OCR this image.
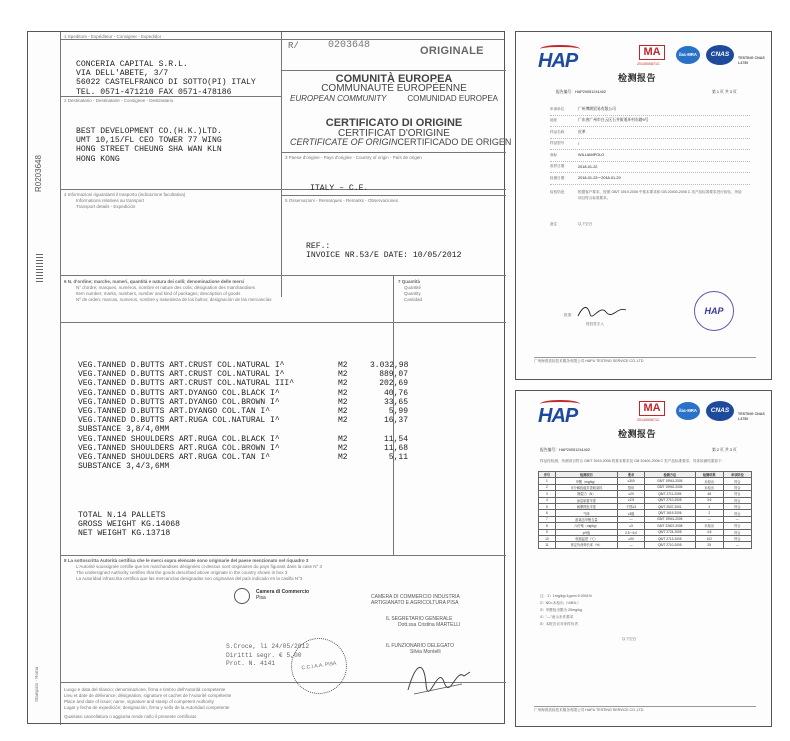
R0203648
Stampato - Roma
1 Speditore - Expéditeur - Consigner - Expedidor
CONCERIA CAPITAL S.R.L.
VIA DELL'ABETE, 3/7
56022 CASTELFRANCO DI SOTTO(PI) ITALY
TEL. 0571-471210 FAX 0571-478186
R/	0203648	ORIGINALE
COMUNITÀ EUROPEA
COMMUNAUTÉ EUROPÉENNE
EUROPEAN COMMUNITY	COMUNIDAD EUROPEA
CERTIFICATO DI ORIGINE
CERTIFICAT D'ORIGINE
CERTIFICATE OF ORIGIN CERTIFICADO DE ORIGEN
2 Destinatario - Destinataire - Consignee - Destinatario
BEST DEVELOPMENT CO.(H.K.)LTD.
UMT 10,15/FL CEO TOWER 77 WING
HONG STREET CHEUNG SHA WAN KLN
HONG KONG	3 Paese d'origine - Pays d'origine - Country of origin - País de origen
ITALY – C.E.
4 Informazioni riguardanti il trasporto (indicazione facoltativa)
Informations relatives au transport
Transport details - Expedición
5 Osservazioni - Remarques - Remarks - Observaciones
REF.:
INVOICE NR.53/E DATE: 10/05/2012
6 N. d'ordine; marche, numeri, quantità e natura dei colli; denominazione delle merci
N° d'ordre; marques, numéros, nombre et nature des colis; désignation des marchandises
Item number; marks, numbers, number and kind of packages; description of goods
Nº de orden; marcas, numeros, nombre y naturaleza de los bultos; designación de las mercancías
7 Quantità
Quantité
Quantity
Cantidad
VEG.TANNED D.BUTTS ART.CRUST COL.NATURAL I^	M2	3.032,98
VEG.TANNED D.BUTTS ART.CRUST COL.NATURAL I^	M2	889,07
VEG.TANNED D.BUTTS ART.CRUST COL.NATURAL III^	M2	202,69
VEG.TANNED D.BUTTS ART.DYANGO COL.BLACK I^	M2	40,76
VEG.TANNED D.BUTTS ART.DYANGO COL.BROWN I^	M2	33,65
VEG.TANNED D.BUTTS ART.DYANGO COL.TAN I^	M2	5,99
VEG.TANNED D.BUTTS ART.RUGA COL.NATURAL I^	M2	16,37
SUBSTANCE 3,8/4,0MM
VEG.TANNED SHOULDERS ART.RUGA COL.BLACK I^	M2	11,54
VEG.TANNED SHOULDERS ART.RUGA COL.BROWN I^	M2	11,68
VEG.TANNED SHOULDERS ART.RUGA COL.TAN I^	M2	5,11
SUBSTANCE 3,4/3,6MM
TOTAL N.14 PALLETS
GROSS WEIGHT KG.14068
NET WEIGHT KG.13718
8 La sottoscritta Autorità certifica che le merci sopra elencate sono originarie del paese menzionato nel riquadro 3
L'Autorité soussignée certifie que les marchandises désignées ci-dessus sont originaires du pays figurant dans la case N° 3
The undersigned Authority certifies that the goods described above originate in the country shown in box 3
La Autoridad infrascrita certifica que las mercancías designadas son originarias del país indicado en la casilla N°3
Camera di Commercio
Pisa
C.C.I.A.A. PISA
CAMERA DI COMMERCIO INDUSTRIA
ARTIGIANATO E AGRICOLTURA PISA
IL SEGRETARIO GENERALE
Dott.ssa Cristina MARTELLI
IL FUNZIONARIO DELEGATO
Silvia Montelli
S.Croce, li 24/05/2012
Diritti segr. € 5,00
Prot. N. 4141
Luogo e data del rilascio; denominazione, firma e timbro dell'Autorità competente
Lieu et date de délivrance; désignation, signature et cachet de l'Autorité compétente
Place and date of issue; name, signature and stamp of competent Authority
Lugar y fecha de expedición; designación, firma y sello de la Autoridad competente
Qualsiasi cancellatura o aggiunta rende nullo il presente certificato
HAP	MA
2014000871C
ilac-MRA	CNAS	TESTING CNAS L4750
检测报告
报告编号：HAP20051241402	第 1 页 共 3 页
申请单位	广州博朗贸易有限公司
地址	广东省广州市白云区石井街道环村东路9号
样品名称	皮革
样品型号	/
商标	WILLIAMPOLO
收样日期	2018-01-22
检测日期	2018-01-23～2018-01-29
检验结论	根据客户要求，按照 GB/T 3919-2008 中基本要求和 GB 20400-2006 C 类产品标准要求进行检验，所检项目符合标准要求。
备注	以下空白
批准：
授权签字人
HAP
广州海普质检技术服务有限公司 HAPU TESTING SERVICE CO.,LTD
HAP	MA
2014000871C
ilac-MRA	CNAS	TESTING CNAS L4750
检测报告
报告编号：HAP20051241402	第 2 页 共 3 页
样品经检测，所测项目符合 GB/T 3919-2008 的基本要求及 GB 20400-2006 C 类产品标准要求，具体检测结果如下：
序号	检测项目	要求	检测方法	检测结果	单项结论
1	甲醛（mg/kg）	≤300	GB/T 19941-2005	未检出	符合
2	可分解致癌芳香胺染料	禁用	GB/T 19942-2005	未检出	符合
3	撕裂力（N）	≥20	QB/T 2711-2005	48	符合
4	涂层粘着牢度	≥2.5	QB/T 2710-2005	3.6	符合
5	耐摩擦色牢度	干擦≥3	QB/T 2537-2001	4	符合
6	气味	≤3级	QB/T 1619-2006	2	符合
7	游离态甲醛含量	—	GB/T 19941-2005	—	—
8	六价铬（mg/kg）	≤3	GB/T 22807-2008	未检出	符合
9	pH值	3.5～6.0	QB/T 2724-2005	4.6	符合
10	收缩温度（℃）	≥90	QB/T 2713-2005	102	符合
11	规定负荷伸长率（%）	—	QB/T 2710-2005	25	—
注：1）1mg/kg=1ppm=0.0001%
2）ND=未检出（<MDL）
3）甲醛检出限为 20mg/kg
4）"—"表示未作要求
5）本报告仅对来样负责
以下空白
广州海普质检技术服务有限公司 HAPU TESTING SERVICE CO.,LTD
